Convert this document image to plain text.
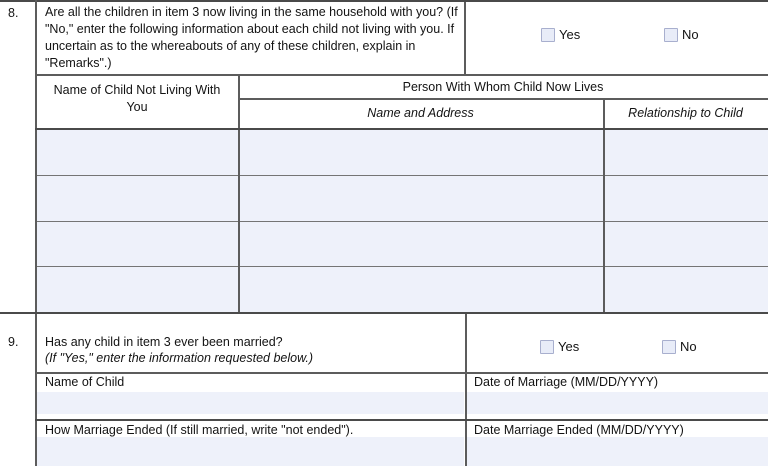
8. Are all the children in item 3 now living in the same household with you? (If "No," enter the following information about each child not living with you. If uncertain as to the whereabouts of any of these children, explain in "Remarks".)
Yes	No
Name of Child Not Living With You
Person With Whom Child Now Lives
Name and Address	Relationship to Child
9. Has any child in item 3 ever been married?
(If "Yes," enter the information requested below.)
Yes	No
Name of Child	Date of Marriage (MM/DD/YYYY)
How Marriage Ended (If still married, write "not ended").	Date Marriage Ended (MM/DD/YYYY)
